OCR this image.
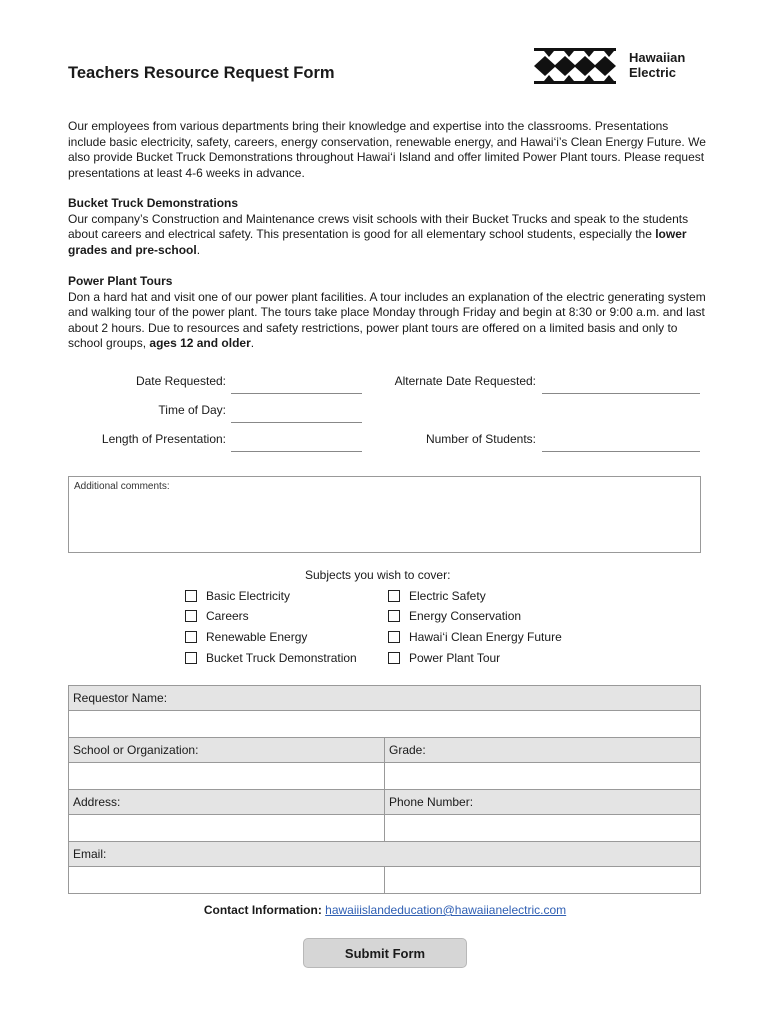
Teachers Resource Request Form
Hawaiian
Electric

Our employees from various departments bring their knowledge and expertise into the classrooms. Presentations include basic electricity, safety, careers, energy conservation, renewable energy, and Hawai‘i’s Clean Energy Future. We also provide Bucket Truck Demonstrations throughout Hawai‘i Island and offer limited Power Plant tours. Please request presentations at least 4-6 weeks in advance.

Bucket Truck Demonstrations
Our company’s Construction and Maintenance crews visit schools with their Bucket Trucks and speak to the students about careers and electrical safety. This presentation is good for all elementary school students, especially the lower grades and pre-school.

Power Plant Tours
Don a hard hat and visit one of our power plant facilities. A tour includes an explanation of the electric generating system and walking tour of the power plant. The tours take place Monday through Friday and begin at 8:30 or 9:00 a.m. and last about 2 hours. Due to resources and safety restrictions, power plant tours are offered on a limited basis and only to school groups, ages 12 and older.

Date Requested:	Alternate Date Requested:
Time of Day:
Length of Presentation:	Number of Students:
Additional comments:
Subjects you wish to cover:
Basic Electricity
Careers
Renewable Energy
Bucket Truck Demonstration
Electric Safety
Energy Conservation
Hawai‘i Clean Energy Future
Power Plant Tour
Requestor Name:	

School or Organization:	Grade:

Address:	Phone Number:

Email:	

Contact Information: hawaiiislandeducation@hawaiianelectric.com
Submit Form
